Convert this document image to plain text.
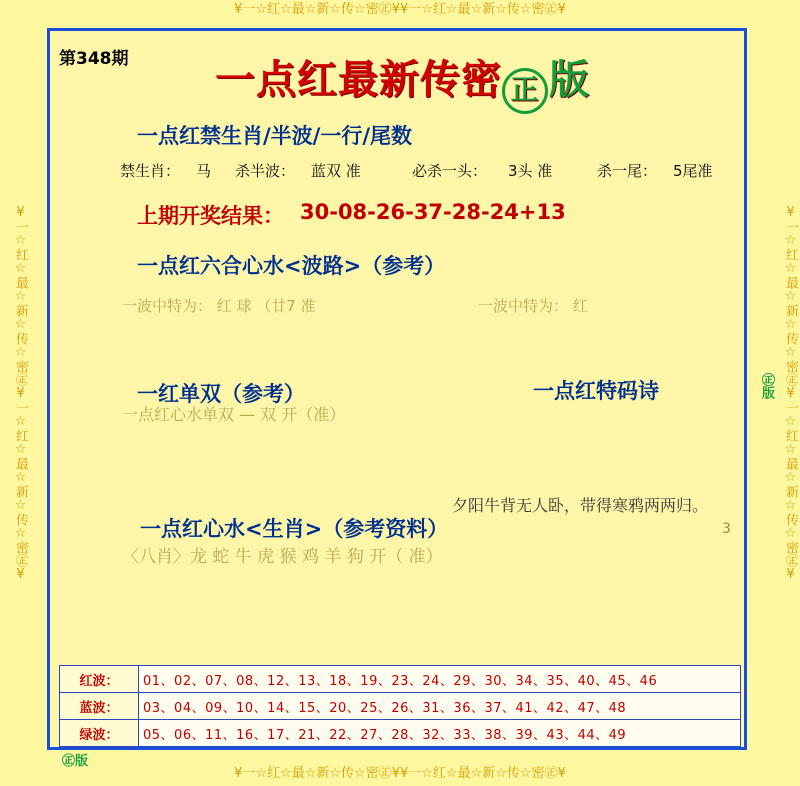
¥一☆红☆最☆新☆传☆密㊣¥¥一☆红☆最☆新☆传☆密㊣¥
¥一☆红☆最☆新☆传☆密㊣¥¥一☆红☆最☆新☆传☆密㊣¥
¥一☆红☆最☆新☆传☆密㊣¥一☆红☆最☆新☆传☆密㊣¥	¥一☆红☆最☆新☆传☆密㊣¥一☆红☆最☆新☆传☆密㊣¥
第348期 一点红最新传密 正 版
一点红禁生肖/半波/一行/尾数
禁生肖： 马 杀半波： 蓝双 准	必杀一头： 3头 准	杀一尾： 5尾准
上期开奖结果： 30-08-26-37-28-24+13
一点红六合心水<波路>（参考）
一波中特为： 红 球 （廿7 准	一波中特为： 红
一红单双（参考）
一点红心水单双 — 双 开（准）
一点红特码诗
夕阳牛背无人卧，带得寒鸦两两归。
3
一点红心水<生肖>（参考资料）
〈八肖〉龙 蛇 牛 虎 猴 鸡 羊 狗 开（ 准）
红波：	01、02、07、08、12、13、18、19、23、24、29、30、34、35、40、45、46
蓝波：	03、04、09、10、14、15、20、25、26、31、36、37、41、42、47、48
绿波：	05、06、11、16、17、21、22、27、28、32、33、38、39、43、44、49
㊣版
㊣版
